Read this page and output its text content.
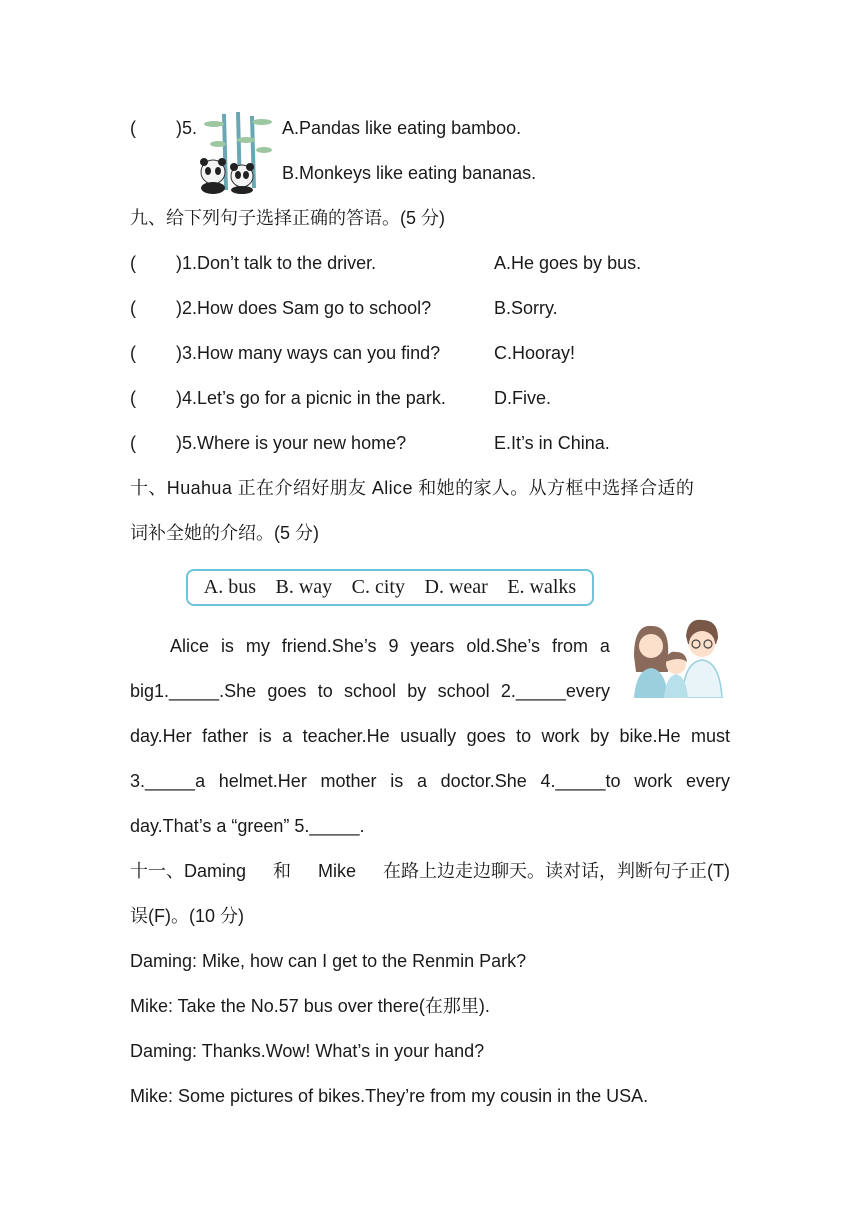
( )5.	A.Pandas like eating bamboo.
B.Monkeys like eating bananas.
九、给下列句子选择正确的答语。(5 分)
( )1.Don’t talk to the driver.	A.He goes by bus.
( )2.How does Sam go to school?	B.Sorry.
( )3.How many ways can you find?	C.Hooray!
( )4.Let’s go for a picnic in the park.	D.Five.
( )5.Where is your new home?	E.It’s in China.
十、Huahua 正在介绍好朋友 Alice 和她的家人。从方框中选择合适的
词补全她的介绍。(5 分)
A. bus B. way C. city D. wear E. walks
Alice is my friend.She’s 9 years old.She’s from a
big1._____.She goes to school by school 2._____every
day.Her father is a teacher.He usually goes to work by bike.He must
3._____a helmet.Her mother is a doctor.She 4._____to work every
day.That’s a “green” 5._____.
十一、Daming 和 Mike 在路上边走边聊天。读对话，判断句子正(T)
误(F)。(10 分)
Daming: Mike, how can I get to the Renmin Park?
Mike: Take the No.57 bus over there(在那里).
Daming: Thanks.Wow! What’s in your hand?
Mike: Some pictures of bikes.They’re from my cousin in the USA.
